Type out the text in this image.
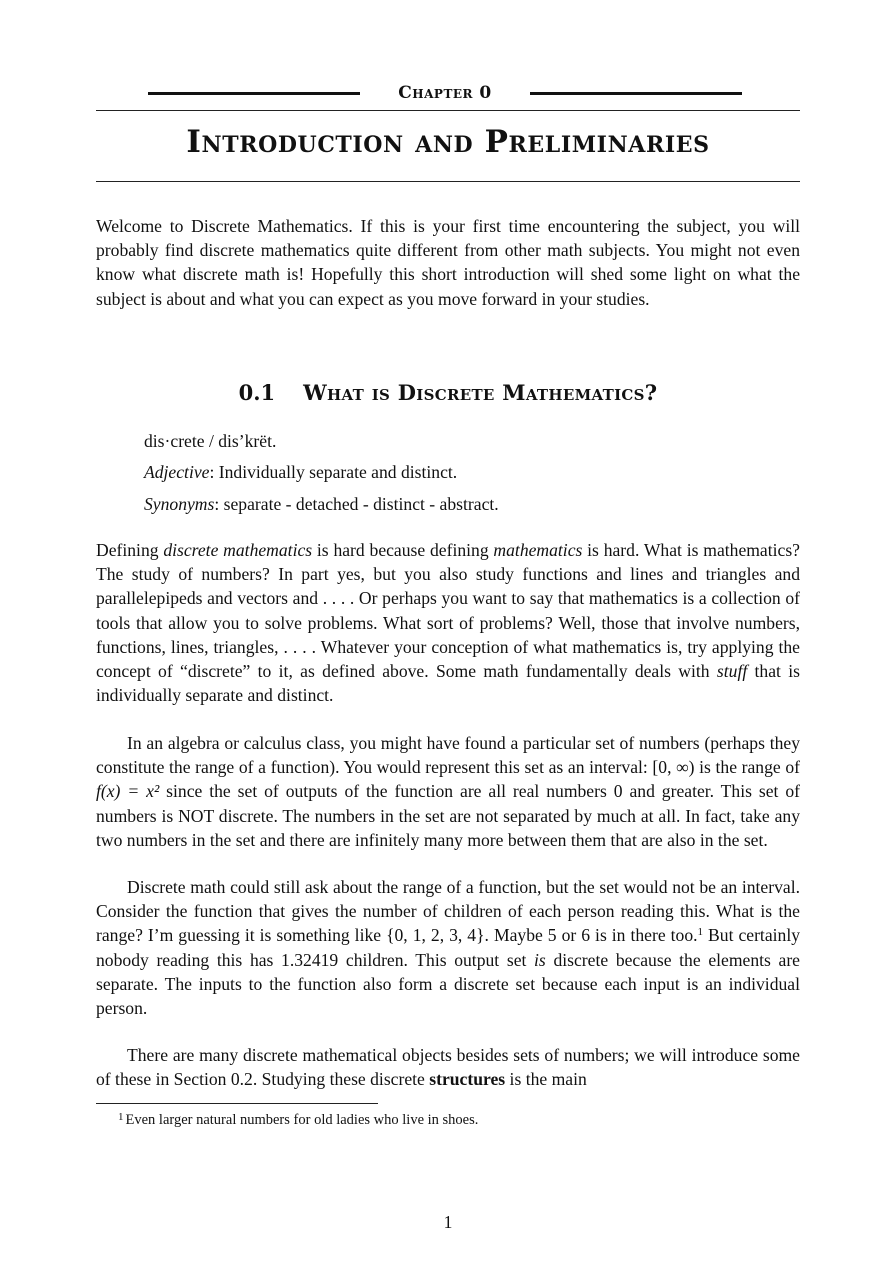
Chapter 0
Introduction and Preliminaries

Welcome to Discrete Mathematics. If this is your first time encountering the subject, you will probably find discrete mathematics quite different from other math subjects. You might not even know what discrete math is! Hopefully this short introduction will shed some light on what the subject is about and what you can expect as you move forward in your studies.

0.1 What is Discrete Mathematics?
dis·crete / dis’krët.
Adjective: Individually separate and distinct.
Synonyms: separate - detached - distinct - abstract.

Defining discrete mathematics is hard because defining mathematics is hard. What is mathematics? The study of numbers? In part yes, but you also study functions and lines and triangles and parallelepipeds and vectors and . . . . Or perhaps you want to say that mathematics is a collection of tools that allow you to solve problems. What sort of problems? Well, those that involve numbers, functions, lines, triangles, . . . . Whatever your conception of what mathematics is, try applying the concept of “discrete” to it, as defined above. Some math fundamentally deals with stuff that is individually separate and distinct.

In an algebra or calculus class, you might have found a particular set of numbers (perhaps they constitute the range of a function). You would represent this set as an interval: [0, ∞) is the range of f(x) = x² since the set of outputs of the function are all real numbers 0 and greater. This set of numbers is NOT discrete. The numbers in the set are not separated by much at all. In fact, take any two numbers in the set and there are infinitely many more between them that are also in the set.

Discrete math could still ask about the range of a function, but the set would not be an interval. Consider the function that gives the number of children of each person reading this. What is the range? I’m guessing it is something like {0, 1, 2, 3, 4}. Maybe 5 or 6 is in there too.$^1$ But certainly nobody reading this has 1.32419 children. This output set is discrete because the elements are separate. The inputs to the function also form a discrete set because each input is an individual person.

There are many discrete mathematical objects besides sets of numbers; we will introduce some of these in Section 0.2. Studying these discrete structures is the main

$^1$ Even larger natural numbers for old ladies who live in shoes.
1
